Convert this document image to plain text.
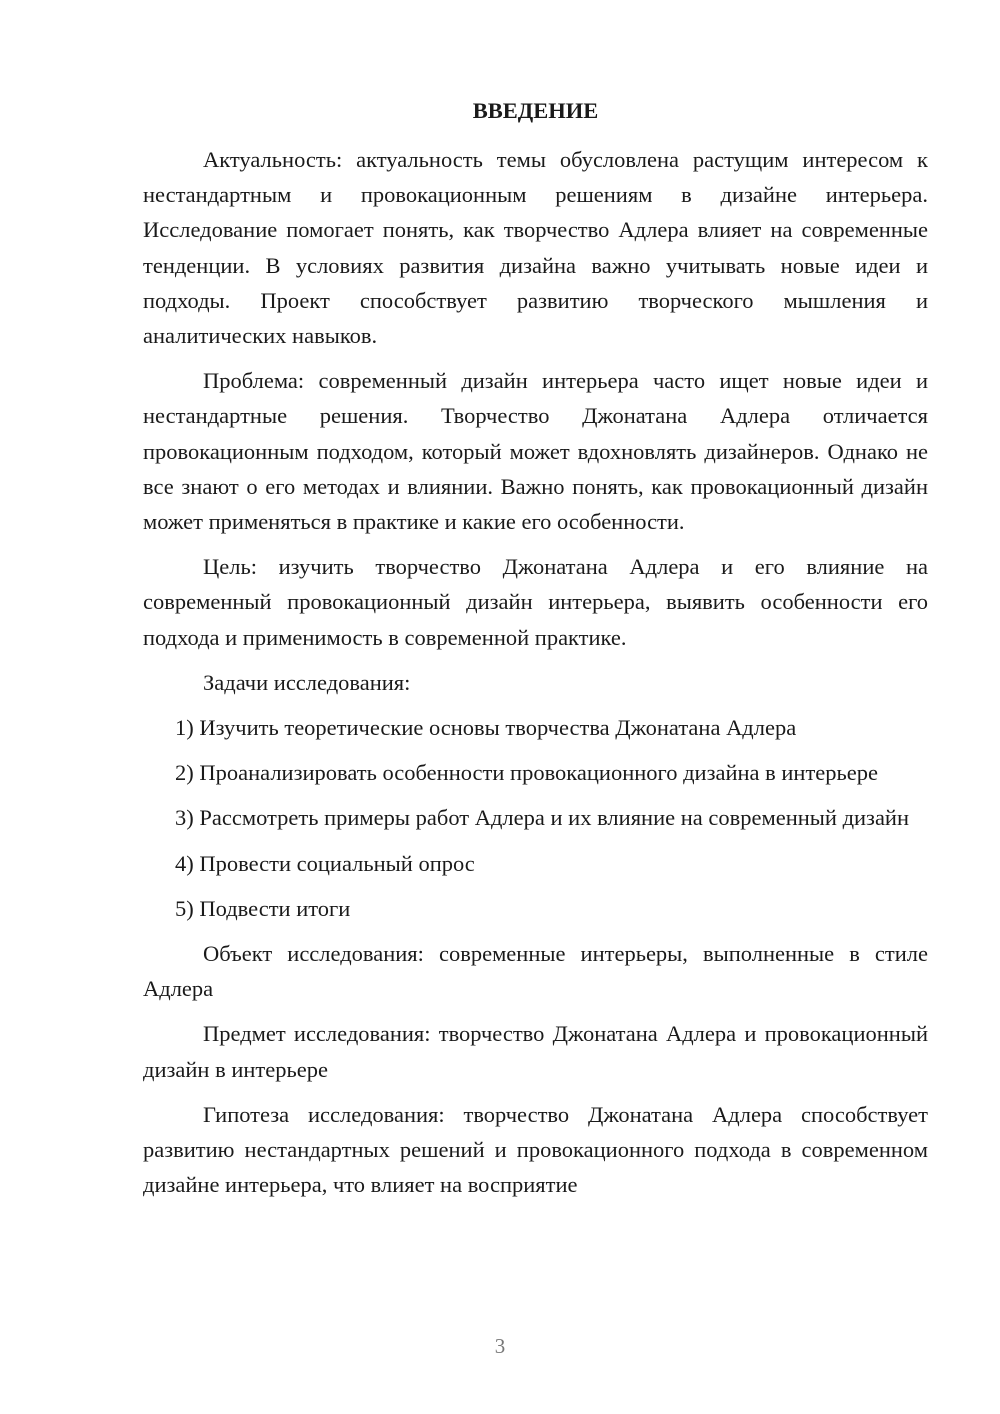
ВВЕДЕНИЕ

Актуальность: актуальность темы обусловлена растущим интересом к нестандартным и провокационным решениям в дизайне интерьера. Исследование помогает понять, как творчество Адлера влияет на современные тенденции. В условиях развития дизайна важно учитывать новые идеи и подходы. Проект способствует развитию творческого мышления и аналитических навыков.

Проблема: современный дизайн интерьера часто ищет новые идеи и нестандартные решения. Творчество Джонатана Адлера отличается провокационным подходом, который может вдохновлять дизайнеров. Однако не все знают о его методах и влиянии. Важно понять, как провокационный дизайн может применяться в практике и какие его особенности.

Цель: изучить творчество Джонатана Адлера и его влияние на современный провокационный дизайн интерьера, выявить особенности его подхода и применимость в современной практике.

Задачи исследования:

1) Изучить теоретические основы творчества Джонатана Адлера

2) Проанализировать особенности провокационного дизайна в интерьере

3) Рассмотреть примеры работ Адлера и их влияние на современный дизайн

4) Провести социальный опрос

5) Подвести итоги

Объект исследования: современные интерьеры, выполненные в стиле Адлера

Предмет исследования: творчество Джонатана Адлера и провокационный дизайн в интерьере

Гипотеза исследования: творчество Джонатана Адлера способствует развитию нестандартных решений и провокационного подхода в современном дизайне интерьера, что влияет на восприятие

3
